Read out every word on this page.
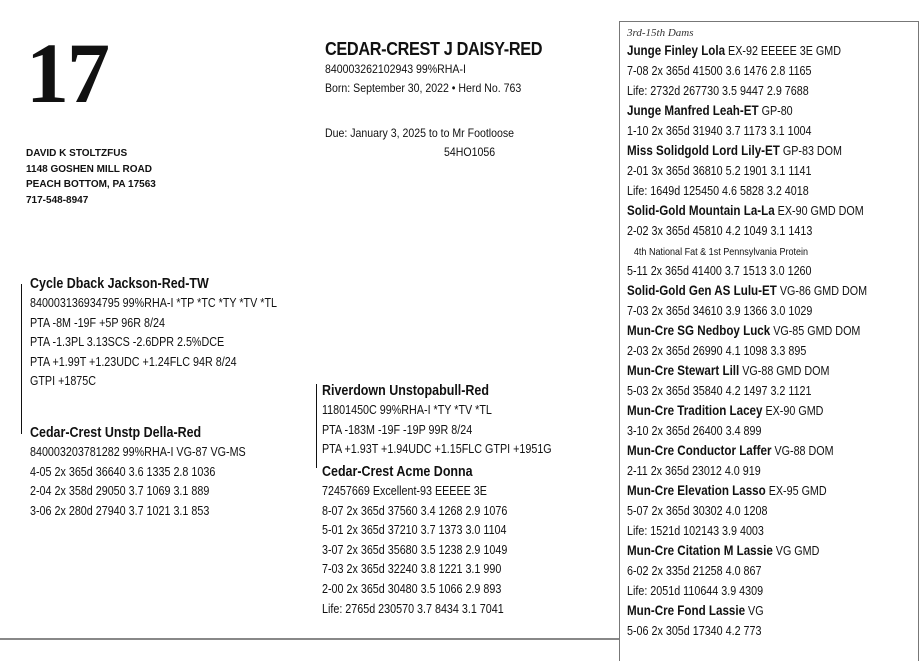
17
DAVID K STOLTZFUS
1148 GOSHEN MILL ROAD
PEACH BOTTOM, PA 17563
717-548-8947
CEDAR-CREST J DAISY-RED
840003262102943 99%RHA-I
Born: September 30, 2022 • Herd No. 763
Due: January 3, 2025 to to Mr Footloose
54HO1056
Cycle Dback Jackson-Red-TW
840003136934795 99%RHA-I *TP *TC *TY *TV *TL
PTA -8M -19F +5P 96R 8/24
PTA -1.3PL 3.13SCS -2.6DPR 2.5%DCE
PTA +1.99T +1.23UDC +1.24FLC 94R 8/24
GTPI +1875C
Cedar-Crest Unstp Della-Red
840003203781282 99%RHA-I VG-87 VG-MS
4-05 2x 365d 36640 3.6 1335 2.8 1036
2-04 2x 358d 29050 3.7 1069 3.1 889
3-06 2x 280d 27940 3.7 1021 3.1 853
Riverdown Unstopabull-Red
11801450C 99%RHA-I *TY *TV *TL
PTA -183M -19F -19P 99R 8/24
PTA +1.93T +1.94UDC +1.15FLC GTPI +1951G
Cedar-Crest Acme Donna
72457669 Excellent-93 EEEEE 3E
8-07 2x 365d 37560 3.4 1268 2.9 1076
5-01 2x 365d 37210 3.7 1373 3.0 1104
3-07 2x 365d 35680 3.5 1238 2.9 1049
7-03 2x 365d 32240 3.8 1221 3.1 990
2-00 2x 365d 30480 3.5 1066 2.9 893
Life: 2765d 230570 3.7 8434 3.1 7041
3rd-15th Dams
Junge Finley Lola EX-92 EEEEE 3E GMD
7-08 2x 365d 41500 3.6 1476 2.8 1165
Life: 2732d 267730 3.5 9447 2.9 7688
Junge Manfred Leah-ET GP-80
1-10 2x 365d 31940 3.7 1173 3.1 1004
Miss Solidgold Lord Lily-ET GP-83 DOM
2-01 3x 365d 36810 5.2 1901 3.1 1141
Life: 1649d 125450 4.6 5828 3.2 4018
Solid-Gold Mountain La-La EX-90 GMD DOM
2-02 3x 365d 45810 4.2 1049 3.1 1413
4th National Fat & 1st Pennsylvania Protein
5-11 2x 365d 41400 3.7 1513 3.0 1260
Solid-Gold Gen AS Lulu-ET VG-86 GMD DOM
7-03 2x 365d 34610 3.9 1366 3.0 1029
Mun-Cre SG Nedboy Luck VG-85 GMD DOM
2-03 2x 365d 26990 4.1 1098 3.3 895
Mun-Cre Stewart Lill VG-88 GMD DOM
5-03 2x 365d 35840 4.2 1497 3.2 1121
Mun-Cre Tradition Lacey EX-90 GMD
3-10 2x 365d 26400 3.4 899
Mun-Cre Conductor Laffer VG-88 DOM
2-11 2x 365d 23012 4.0 919
Mun-Cre Elevation Lasso EX-95 GMD
5-07 2x 365d 30302 4.0 1208
Life: 1521d 102143 3.9 4003
Mun-Cre Citation M Lassie VG GMD
6-02 2x 335d 21258 4.0 867
Life: 2051d 110644 3.9 4309
Mun-Cre Fond Lassie VG
5-06 2x 305d 17340 4.2 773
